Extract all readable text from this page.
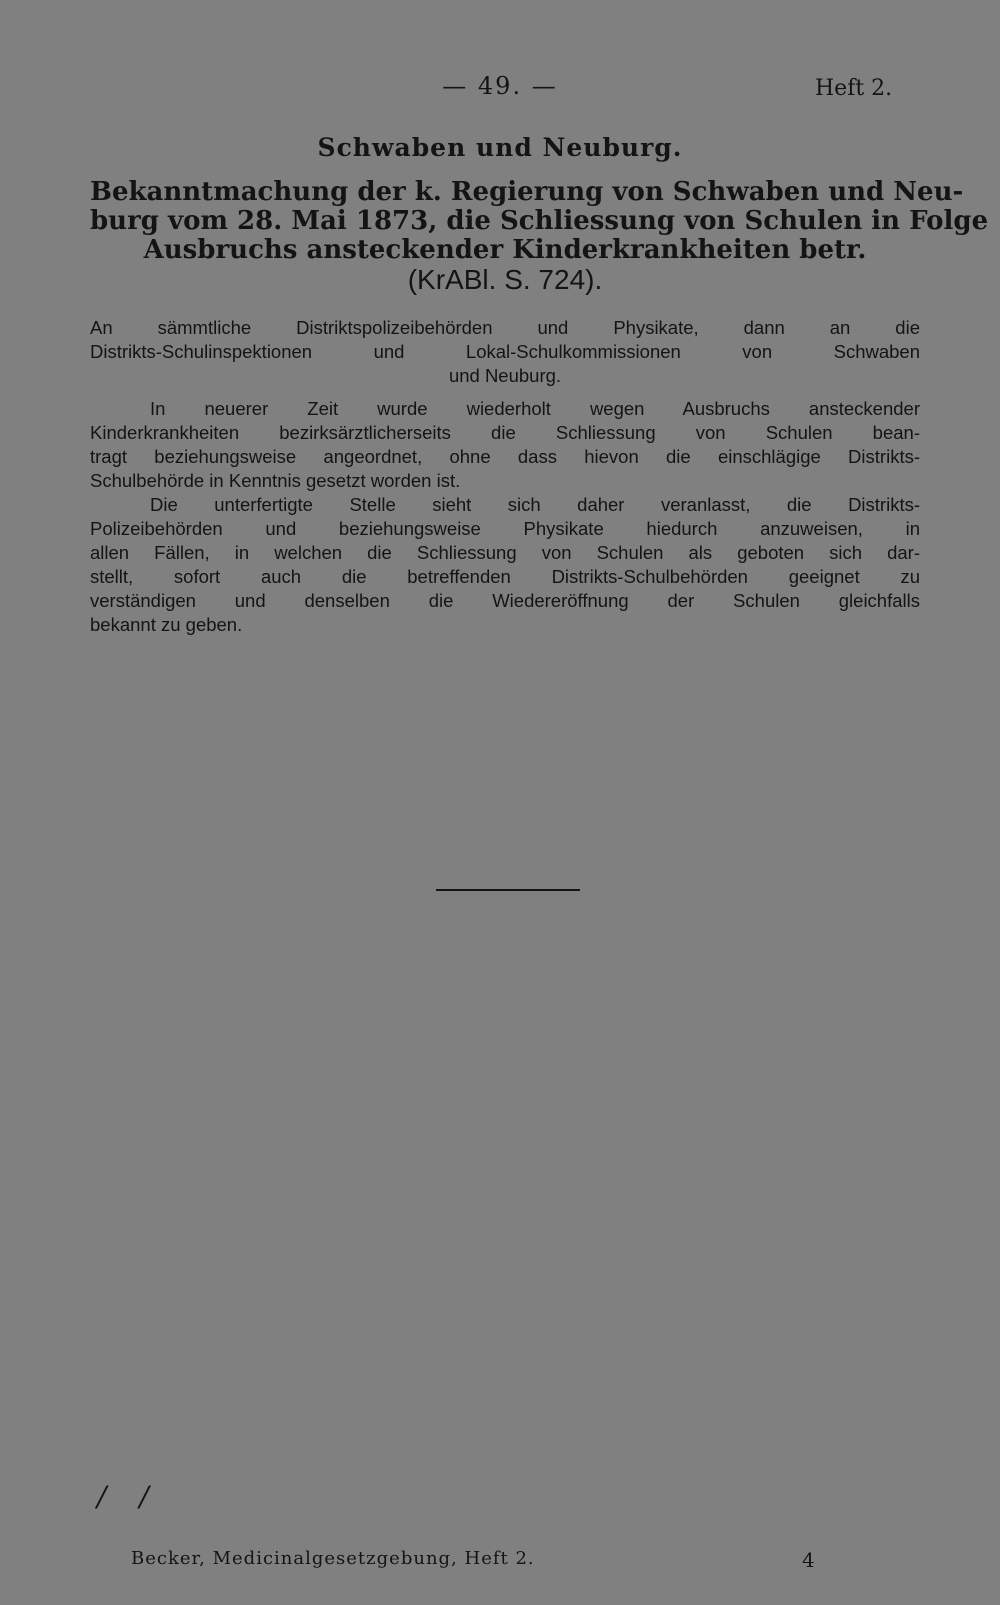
— 49. —	Heft 2.
Schwaben und Neuburg.
Bekanntmachung der k. Regierung von Schwaben und Neu-
burg vom 28. Mai 1873, die Schliessung von Schulen in Folge
Ausbruchs ansteckender Kinderkrankheiten betr.
(KrABl. S. 724).
An sämmtliche Distriktspolizeibehörden und Physikate, dann an die
Distrikts-Schulinspektionen und Lokal-Schulkommissionen von Schwaben
und Neuburg.
In neuerer Zeit wurde wiederholt wegen Ausbruchs ansteckender
Kinderkrankheiten bezirksärztlicherseits die Schliessung von Schulen bean-
tragt beziehungsweise angeordnet, ohne dass hievon die einschlägige Distrikts-
Schulbehörde in Kenntnis gesetzt worden ist.
Die unterfertigte Stelle sieht sich daher veranlasst, die Distrikts-
Polizeibehörden und beziehungsweise Physikate hiedurch anzuweisen, in
allen Fällen, in welchen die Schliessung von Schulen als geboten sich dar-
stellt, sofort auch die betreffenden Distrikts-Schulbehörden geeignet zu
verständigen und denselben die Wiedereröffnung der Schulen gleichfalls
bekannt zu geben.
/ /
Becker, Medicinalgesetzgebung, Heft 2.	4
